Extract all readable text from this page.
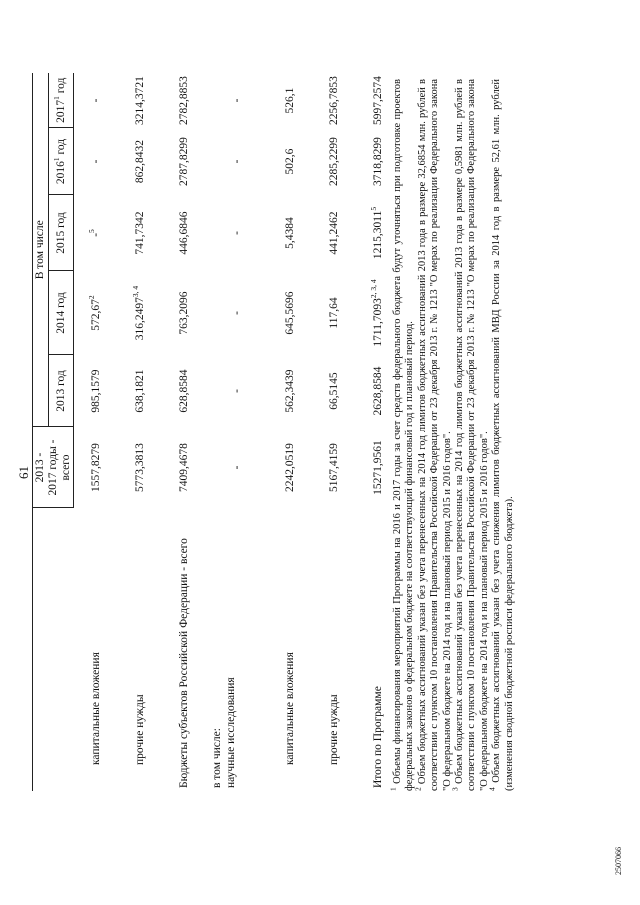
61

	2013 - 2017 годы - всего	В том числе				
		2013 год	2014 год	2015 год	2016$^1$ год	2017$^1$ год
капитальные вложения	1557,8279	985,1579	572,67$^2$	-$^5$	-	-
прочие нужды	5773,3813	638,1821	316,2497$^{3, 4}$	741,7342	862,8432	3214,3721
Бюджеты субъектов Российской Федерации - всего	7409,4678	628,8584	763,2096	446,6846	2787,8299	2782,8853

в том числе: научные исследования	-	-	-	-	-	-
капитальные вложения	2242,0519	562,3439	645,5696	5,4384	502,6	526,1
прочие нужды	5167,4159	66,5145	117,64	441,2462	2285,2299	2256,7853
Итого по Программе	15271,9561	2628,8584	1711,7093$^{2, 3, 4}$	1215,3011$^5$	3718,8299	5997,2574

$^1$ Объемы финансирования мероприятий Программы на 2016 и 2017 годы за счет средств федерального бюджета будут уточняться при подготовке проектов федеральных законов о федеральном бюджете на соответствующий финансовый год и плановый период.

$^2$ Объем бюджетных ассигнований указан без учета перенесенных на 2014 год лимитов бюджетных ассигнований 2013 года в размере 32,6854 млн. рублей в соответствии с пунктом 10 постановления Правительства Российской Федерации от 23 декабря 2013 г. № 1213 "О мерах по реализации Федерального закона "О федеральном бюджете на 2014 год и на плановый период 2015 и 2016 годов".

$^3$ Объем бюджетных ассигнований указан без учета перенесенных на 2014 год лимитов бюджетных ассигнований 2013 года в размере 0,5981 млн. рублей в соответствии с пунктом 10 постановления Правительства Российской Федерации от 23 декабря 2013 г. № 1213 "О мерах по реализации Федерального закона "О федеральном бюджете на 2014 год и на плановый период 2015 и 2016 годов".

$^4$ Объем бюджетных ассигнований указан без учета снижения лимитов бюджетных ассигнований МВД России за 2014 год в размере 52,61 млн. рублей (изменения сводной бюджетной росписи федерального бюджета).

2507066
